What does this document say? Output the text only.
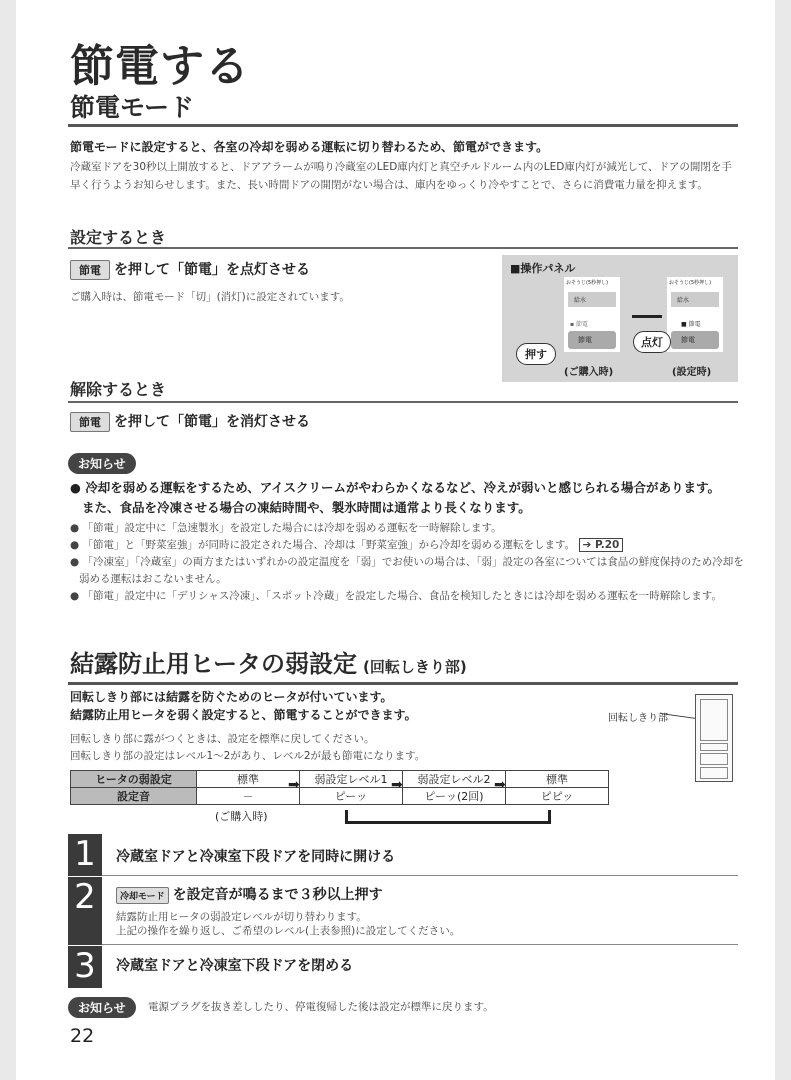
節電する
節電モード
節電モードに設定すると、各室の冷却を弱める運転に切り替わるため、節電ができます。
冷蔵室ドアを30秒以上開放すると、ドアアラームが鳴り冷蔵室のLED庫内灯と真空チルドルーム内のLED庫内灯が減光して、ドアの開閉を手早く行うようお知らせします。また、長い時間ドアの開閉がない場合は、庫内をゆっくり冷やすことで、さらに消費電力量を抑えます。
設定するとき
節電 を押して「節電」を点灯させる
ご購入時は、節電モード「切」(消灯)に設定されています。
■操作パネル
おそうじ(5秒押し)
給水
▪ 節電
節電
押す
おそうじ(5秒押し)
給水
■ 節電
節電
点灯
(ご購入時)	(設定時)
解除するとき
節電 を押して「節電」を消灯させる
お知らせ
● 冷却を弱める運転をするため、アイスクリームがやわらかくなるなど、冷えが弱いと感じられる場合があります。
また、食品を冷凍させる場合の凍結時間や、製氷時間は通常より長くなります。
● 「節電」設定中に「急速製氷」を設定した場合には冷却を弱める運転を一時解除します。
● 「節電」と「野菜室強」が同時に設定された場合、冷却は「野菜室強」から冷却を弱める運転をします。 ➔ P.20
● 「冷凍室」「冷蔵室」の両方またはいずれかの設定温度を「弱」でお使いの場合は、「弱」設定の各室については食品の鮮度保持のため冷却を弱める運転はおこないません。
● 「節電」設定中に「デリシャス冷凍」、「スポット冷蔵」を設定した場合、食品を検知したときには冷却を弱める運転を一時解除します。
結露防止用ヒータの弱設定 (回転しきり部)
回転しきり部には結露を防ぐためのヒータが付いています。
結露防止用ヒータを弱く設定すると、節電することができます。
回転しきり部に露がつくときは、設定を標準に戻してください。
回転しきり部の設定はレベル1～2があり、レベル2が最も節電になります。
回転しきり部
ヒータの弱設定	標準	弱設定レベル1	弱設定レベル2	標準
設定音	－	ピーッ	ピーッ(2回)	ピピッ
➡	➡	➡
(ご購入時)
1	冷蔵室ドアと冷凍室下段ドアを同時に開ける
2	冷却モード を設定音が鳴るまで３秒以上押す
結露防止用ヒータの弱設定レベルが切り替わります。
上記の操作を繰り返し、ご希望のレベル(上表参照)に設定してください。
3	冷蔵室ドアと冷凍室下段ドアを閉める
お知らせ	電源プラグを抜き差ししたり、停電復帰した後は設定が標準に戻ります。
22
